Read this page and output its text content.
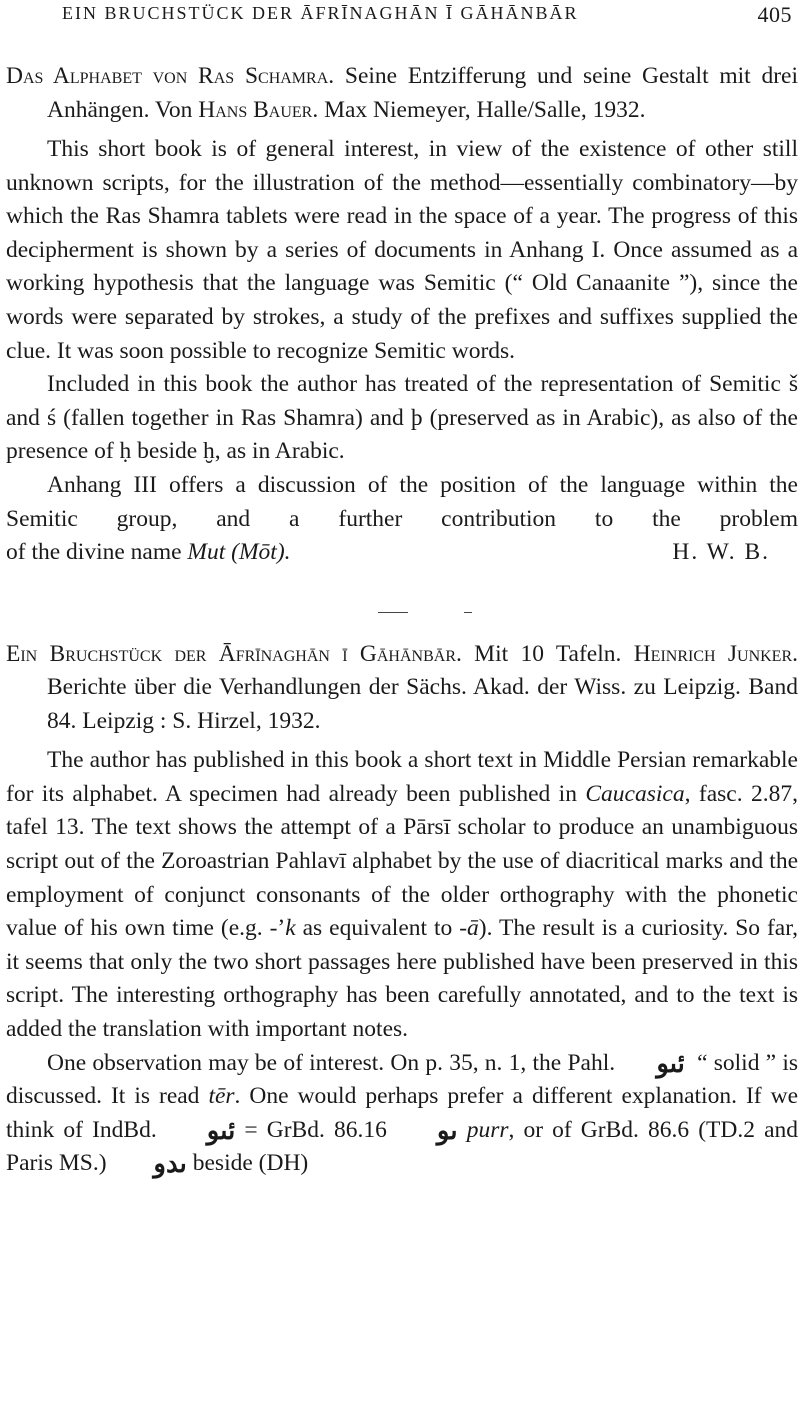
EIN BRUCHSTÜCK DER ĀFRĪNAGHĀN Ī GĀHĀNBĀR	405

Das Alphabet von Ras Schamra. Seine Entzifferung und seine Gestalt mit drei Anhängen. Von Hans Bauer. Max Niemeyer, Halle/Salle, 1932.

This short book is of general interest, in view of the existence of other still unknown scripts, for the illustration of the method—essentially combinatory—by which the Ras Shamra tablets were read in the space of a year. The progress of this decipherment is shown by a series of documents in Anhang I. Once assumed as a working hypothesis that the language was Semitic (“ Old Canaanite ”), since the words were separated by strokes, a study of the prefixes and suffixes supplied the clue. It was soon possible to recognize Semitic words.

Included in this book the author has treated of the representation of Semitic š and ś (fallen together in Ras Shamra) and þ (preserved as in Arabic), as also of the presence of ḥ beside ḫ, as in Arabic.

Anhang III offers a discussion of the position of the language within the Semitic group, and a further contribution to the problem

of the divine name Mut (Mōt).	H. W. B.

Ein Bruchstück der Āfrīnaghān ī Gāhānbār. Mit 10 Tafeln. Heinrich Junker. Berichte über die Verhandlungen der Sächs. Akad. der Wiss. zu Leipzig. Band 84. Leipzig : S. Hirzel, 1932.

The author has published in this book a short text in Middle Persian remarkable for its alphabet. A specimen had already been published in Caucasica, fasc. 2.87, tafel 13. The text shows the attempt of a Pārsī scholar to produce an unambiguous script out of the Zoroastrian Pahlavī alphabet by the use of diacritical marks and the employment of conjunct consonants of the older orthography with the phonetic value of his own time (e.g. -’k as equivalent to -ā). The result is a curiosity. So far, it seems that only the two short passages here published have been preserved in this script. The interesting orthography has been carefully annotated, and to the text is added the translation with important notes.

One observation may be of interest. On p. 35, n. 1, the Pahl. ئىو “ solid ” is discussed. It is read tēr. One would perhaps prefer a different explanation. If we think of IndBd. ئىو = GrBd. 86.16 ىو purr, or of GrBd. 86.6 (TD.2 and Paris MS.) ىدو beside (DH)
